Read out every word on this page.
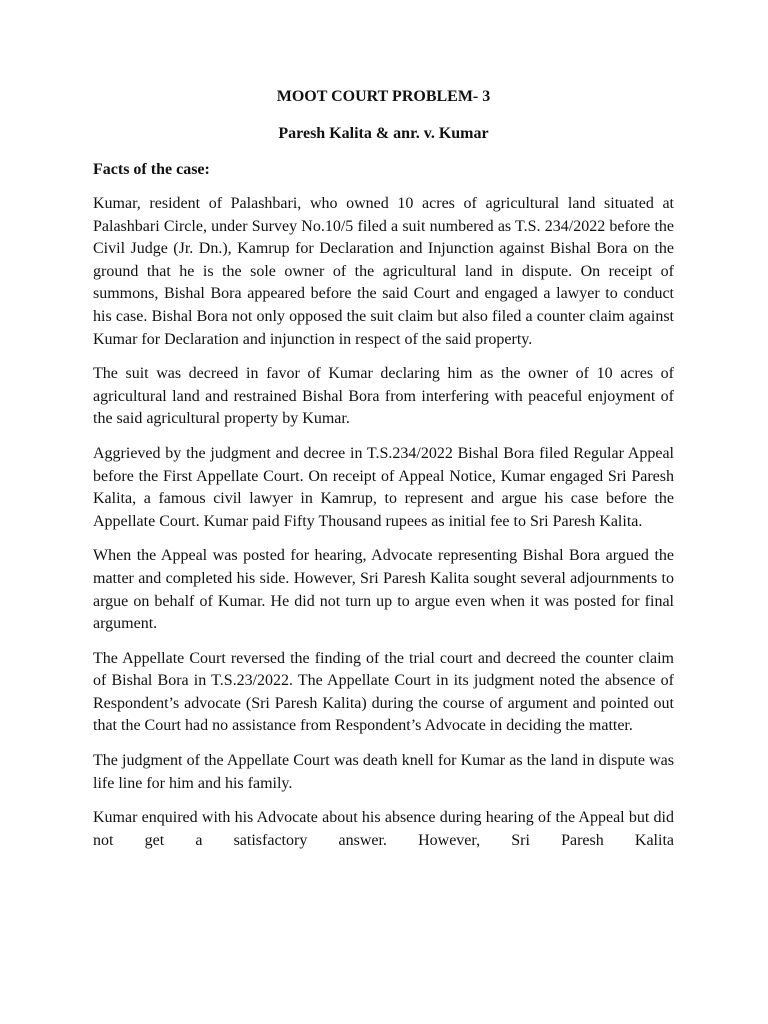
MOOT COURT PROBLEM- 3

Paresh Kalita & anr. v. Kumar

Facts of the case:

Kumar, resident of Palashbari, who owned 10 acres of agricultural land situated at Palashbari Circle, under Survey No.10/5 filed a suit numbered as T.S. 234/2022 before the Civil Judge (Jr. Dn.), Kamrup for Declaration and Injunction against Bishal Bora on the ground that he is the sole owner of the agricultural land in dispute. On receipt of summons, Bishal Bora appeared before the said Court and engaged a lawyer to conduct his case. Bishal Bora not only opposed the suit claim but also filed a counter claim against Kumar for Declaration and injunction in respect of the said property.

The suit was decreed in favor of Kumar declaring him as the owner of 10 acres of agricultural land and restrained Bishal Bora from interfering with peaceful enjoyment of the said agricultural property by Kumar.

Aggrieved by the judgment and decree in T.S.234/2022 Bishal Bora filed Regular Appeal before the First Appellate Court. On receipt of Appeal Notice, Kumar engaged Sri Paresh Kalita, a famous civil lawyer in Kamrup, to represent and argue his case before the Appellate Court. Kumar paid Fifty Thousand rupees as initial fee to Sri Paresh Kalita.

When the Appeal was posted for hearing, Advocate representing Bishal Bora argued the matter and completed his side. However, Sri Paresh Kalita sought several adjournments to argue on behalf of Kumar. He did not turn up to argue even when it was posted for final argument.

The Appellate Court reversed the finding of the trial court and decreed the counter claim of Bishal Bora in T.S.23/2022. The Appellate Court in its judgment noted the absence of Respondent’s advocate (Sri Paresh Kalita) during the course of argument and pointed out that the Court had no assistance from Respondent’s Advocate in deciding the matter.

The judgment of the Appellate Court was death knell for Kumar as the land in dispute was life line for him and his family.

Kumar enquired with his Advocate about his absence during hearing of the Appeal but did not get a satisfactory answer. However, Sri Paresh Kalita
